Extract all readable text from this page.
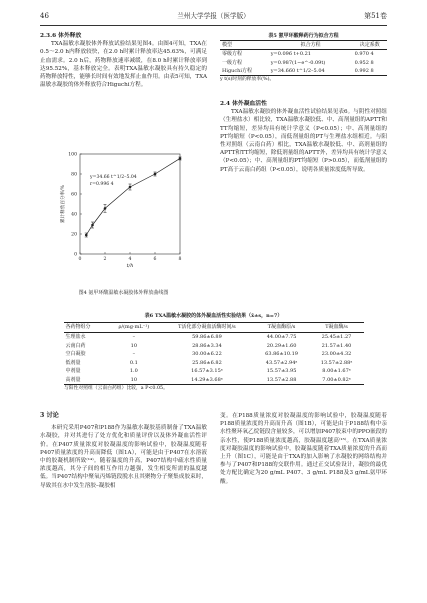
46	兰州大学学报（医学版）	第51卷
2.3.6 体外释放

TXA温敏水凝胶体外释放试验结果见图4。由图4可知，TXA在0.5～2.0 h内释放较快，在2.0 h时累计释放率达45.63%，可满足止血需求。2.0 h后，药物释放速率减缓，在8.0 h时累计释放率到达95.52%，基本释放完全。表明TXA温敏水凝胶具有持久稳定的药物释放特性，能够长时间有效地发挥止血作用。由表5可知，TXA温敏水凝胶的体外释放符合Higuchi方程。

0	2	4	6	8
0
20
40
60
80
100
t/h
累计释放百分率/%
y=34.66 t^1/2–5.04
r=0.996 4
图4 氨甲环酸温敏水凝胶体外释放曲线图
表5 氨甲环酸释药行为拟合方程
模型	拟合方程	决定系数
零级方程	y=0.096 t+0.21	0.970 4
一级方程	y=0.987(1−e^-0.09t)	0.952 8
Higuchi方程	y=34.660 t^1/2–5.04	0.992 8
y t(s)时刻的释放率(%)。
2.4 体外凝血活性

TXA温敏水凝胶的体外凝血活性试验结果见表6。与阴性对照组（生理盐水）相比较，TXA温敏水凝胶低、中、高剂量组的APTT和TT均缩短，差异均具有统计学意义（P<0.05）；中、高剂量组的PT均缩短（P<0.05），而低剂量组的PT与生理盐水组相近。与阳性对照组（云南白药）相比，TXA温敏水凝胶低、中、高剂量组的APTT和TT均缩短，除低剂量组的APTT外，差异均具有统计学意义（P<0.05）；中、高剂量组的PT均缩短（P>0.05），而低剂量组的PT高于云南白药组（P<0.05），说明各质量浓度低所导致。

表6 TXA温敏水凝胶的体外凝血活性实验结果（x̄±s，n=7）
各药物组分	ρ/(mg·mL⁻¹)	T活化部分凝血活酶时间/s	T凝血酶原/s	T凝血酶/s
生理盐水	–	59.86±6.89	44.00±7.75	25.45±1.27
云南白药	10	28.86±3.34	20.29±1.60	21.57±1.40
空白凝胶	–	30.00±6.22	63.86±10.19	23.00±4.32
低剂量	0.1	25.86±6.82	43.57±2.94ᵃ	13.57±2.88ᵃ
中剂量	1.0	16.57±3.15ᵃ	15.57±3.95	8.00±1.67ᵃ
高剂量	10	14.29±3.68ᵃ	13.57±2.88	7.00±0.82ᵃ
与阳性对照组（云南白药组）比较，a P<0.05。
3 讨论

本研究采用P407和P188作为温敏水凝胶基质制备了TXA温敏水凝胶，并对其进行了处方优化和质量评价以及体外凝血活性评价。在P407质量浓度对胶凝温度的影响试验中，胶凝温度随着P407质量浓度的升高而降低（图1A），可能是由于P407在水溶液中的胶凝机制所致⁽¹⁴⁾。随着温度的升高，P407结构中疏水性质量浓度越高，其分子间的相互作用力越强，发生相变所需的温度越低。当P407结构中聚氧丙烯链段脱水且其聚物分子聚集成胶束时，导致其在水中发生溶胶–凝胶相

变。在P188质量浓度对胶凝温度的影响试验中，胶凝温度随着P188质量浓度的升高而升高（图1B），可能是由于P188结构中亲水性聚环氧乙烷链段含量较多，可以增加P407胶束中的PPO嵌段的亲水性，使P188质量浓度越高，胶凝温度越高⁽¹⁵⁾。在TXA质量浓度对凝胶温度的影响试验中，胶凝温度随着TXA质量浓度的升高而上升（图1C），可能是由于TXA的加入影响了水凝胶的网络结构并参与了P407和P188的交联作用。通过正交试验设计，凝胶的最优处方配比确定为20 g/mL P407、3 g/mL P188及3 g/mL氨甲环酸。
